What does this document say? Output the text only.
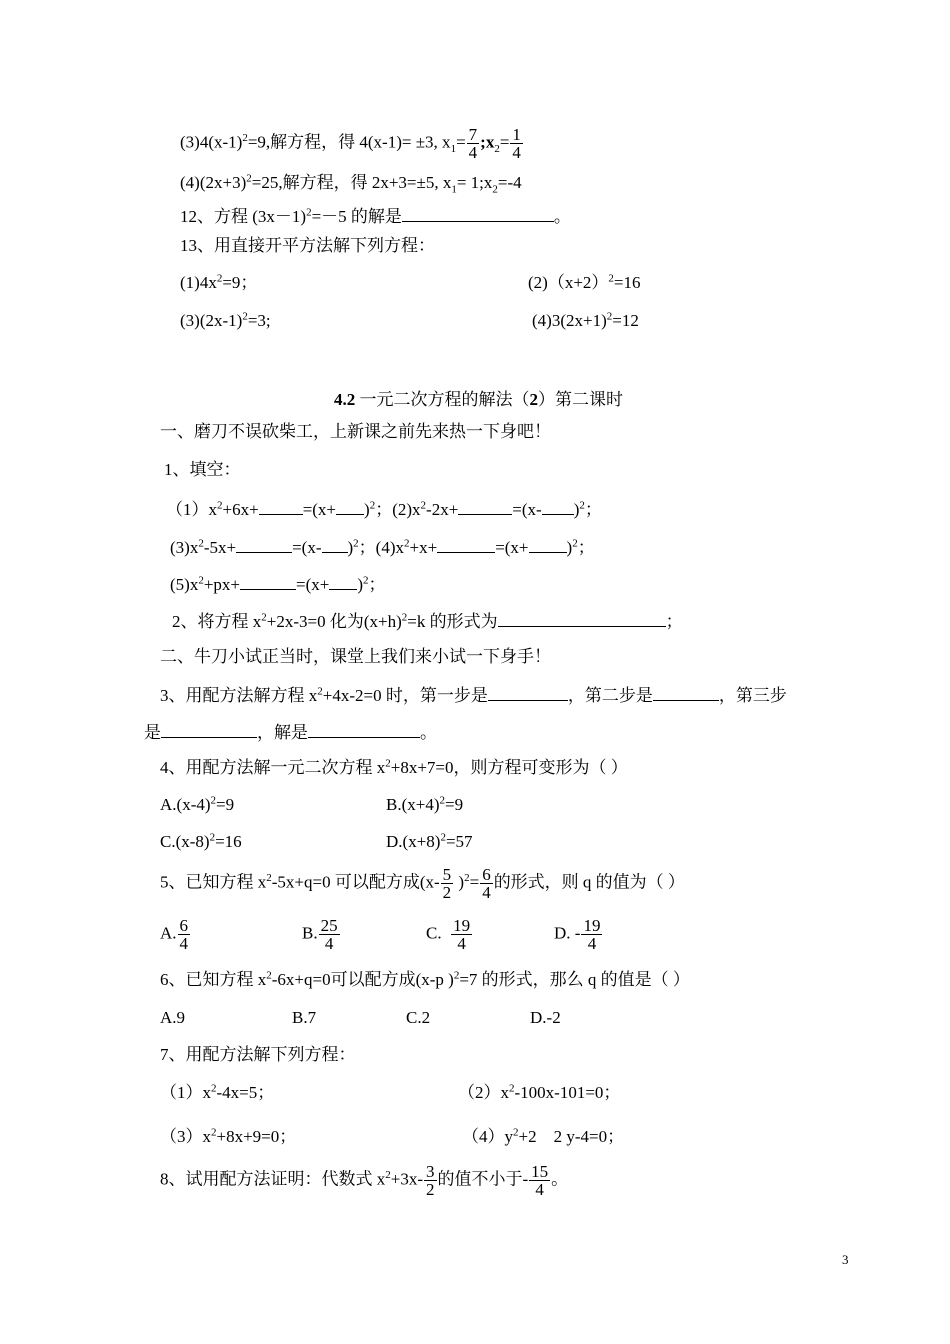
$(3)4(x-1)^2=9$,解方程，得 4(x-1)= ±3, $x_1= \frac{7}{4}$ $;x_2= \frac{1}{4}$
$(4)(2x+3)^2=25$,解方程，得 2x+3=±5, $x_1=$ $1;x_2=-4$
12、方程 $(3x-1)^2=-5$ 的解是	。
13、用直接开平方法解下列方程：
$(1)4x^2=9$；	$(2)(x+2)^2=16$
$(3)(2x-1)^2=3$;	$(4)3(2x+1)^2=12$
4.2 一元二次方程的解法（2）第二课时
一、磨刀不误砍柴工，上新课之前先来热一下身吧！
1、填空：
$(1)x^2+6x+$	$=(x+ )^2$；$(2)x^2-2x+$	=(x- )$^2$；
$(3)x^2-5x+$	=(x- )$^2$；$(4)x^2+x+$	$=(x+ )^2$；
$(5)x^2+px+$	$=(x+ )^2$；
2、将方程 $x^2+2x-3=0$ 化为$(x+h)^2=k$ 的形式为	；
二、牛刀小试正当时，课堂上我们来小试一下身手！
3、用配方法解方程 $x^2+4x-2=0$ 时，第一步是	，第二步是	，第三步
是	，解是	。
4、用配方法解一元二次方程 $x^2+8x+7=0$，则方程可变形为（ ）
$A.(x-4)^2=9$	$B.(x+4)^2=9$
$C.(x-8)^2=16$	$D.(x+8)^2=57$
5、已知方程 $x^2-5x+q=0$ 可以配方成$(x- \frac{5}{2} )^2= \frac{6}{4}$ 的形式，则 q 的值为（ ）
A. $\frac{6}{4}$	B. $\frac{25}{4}$	C. $\frac{19}{4}$	D. - $\frac{19}{4}$
6、已知方程 $x^2-6x+q=0$可以配方成(x-p )$^2$=7 的形式，那么 q 的值是（ ）
A.9	B.7	C.2	D.-2
7、用配方法解下列方程：
$(1)x^2-4x=5$；	$(2)x^2-100x-101=0$；
$(3)x^2+8x+9=0$；	$(4)y^2+2$　2 y-4=0；
8、试用配方法证明：代数式 $x^2+3x- \frac{3}{2}$ 的值不小于- $\frac{15}{4}$ 。
3
